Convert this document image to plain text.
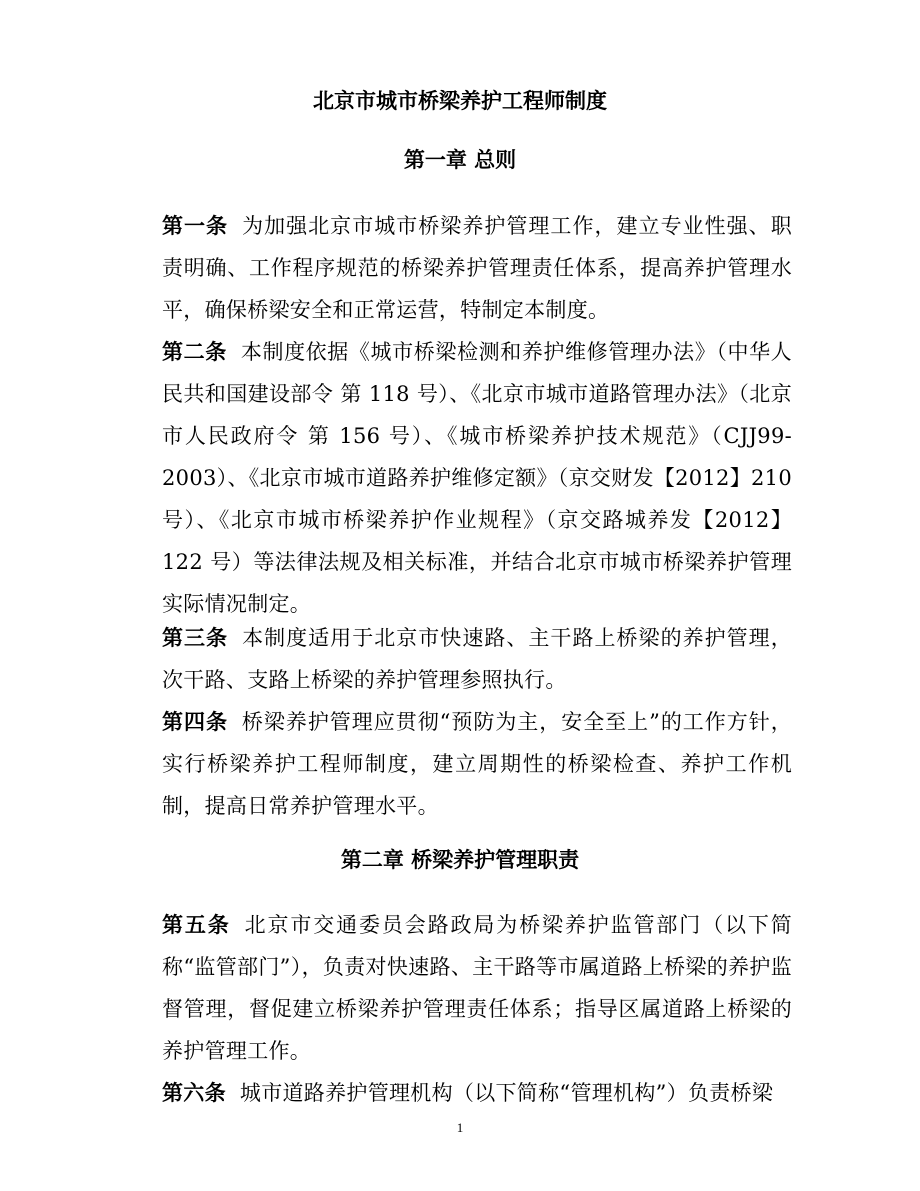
北京市城市桥梁养护工程师制度
第一章 总则

第一条 为加强北京市城市桥梁养护管理工作，建立专业性强、职责明确、工作程序规范的桥梁养护管理责任体系，提高养护管理水平，确保桥梁安全和正常运营，特制定本制度。

第二条 本制度依据《城市桥梁检测和养护维修管理办法》（中华人民共和国建设部令 第 118 号）、《北京市城市道路管理办法》（北京市人民政府令 第 156 号）、《城市桥梁养护技术规范》（CJJ99-2003）、《北京市城市道路养护维修定额》（京交财发【2012】210 号）、《北京市城市桥梁养护作业规程》（京交路城养发【2012】122 号）等法律法规及相关标准，并结合北京市城市桥梁养护管理实际情况制定。

第三条 本制度适用于北京市快速路、主干路上桥梁的养护管理，次干路、支路上桥梁的养护管理参照执行。

第四条 桥梁养护管理应贯彻“预防为主，安全至上”的工作方针，实行桥梁养护工程师制度，建立周期性的桥梁检查、养护工作机制，提高日常养护管理水平。

第二章 桥梁养护管理职责

第五条 北京市交通委员会路政局为桥梁养护监管部门（以下简称“监管部门”），负责对快速路、主干路等市属道路上桥梁的养护监督管理，督促建立桥梁养护管理责任体系；指导区属道路上桥梁的养护管理工作。

第六条 城市道路养护管理机构（以下简称“管理机构”）负责桥梁

1
